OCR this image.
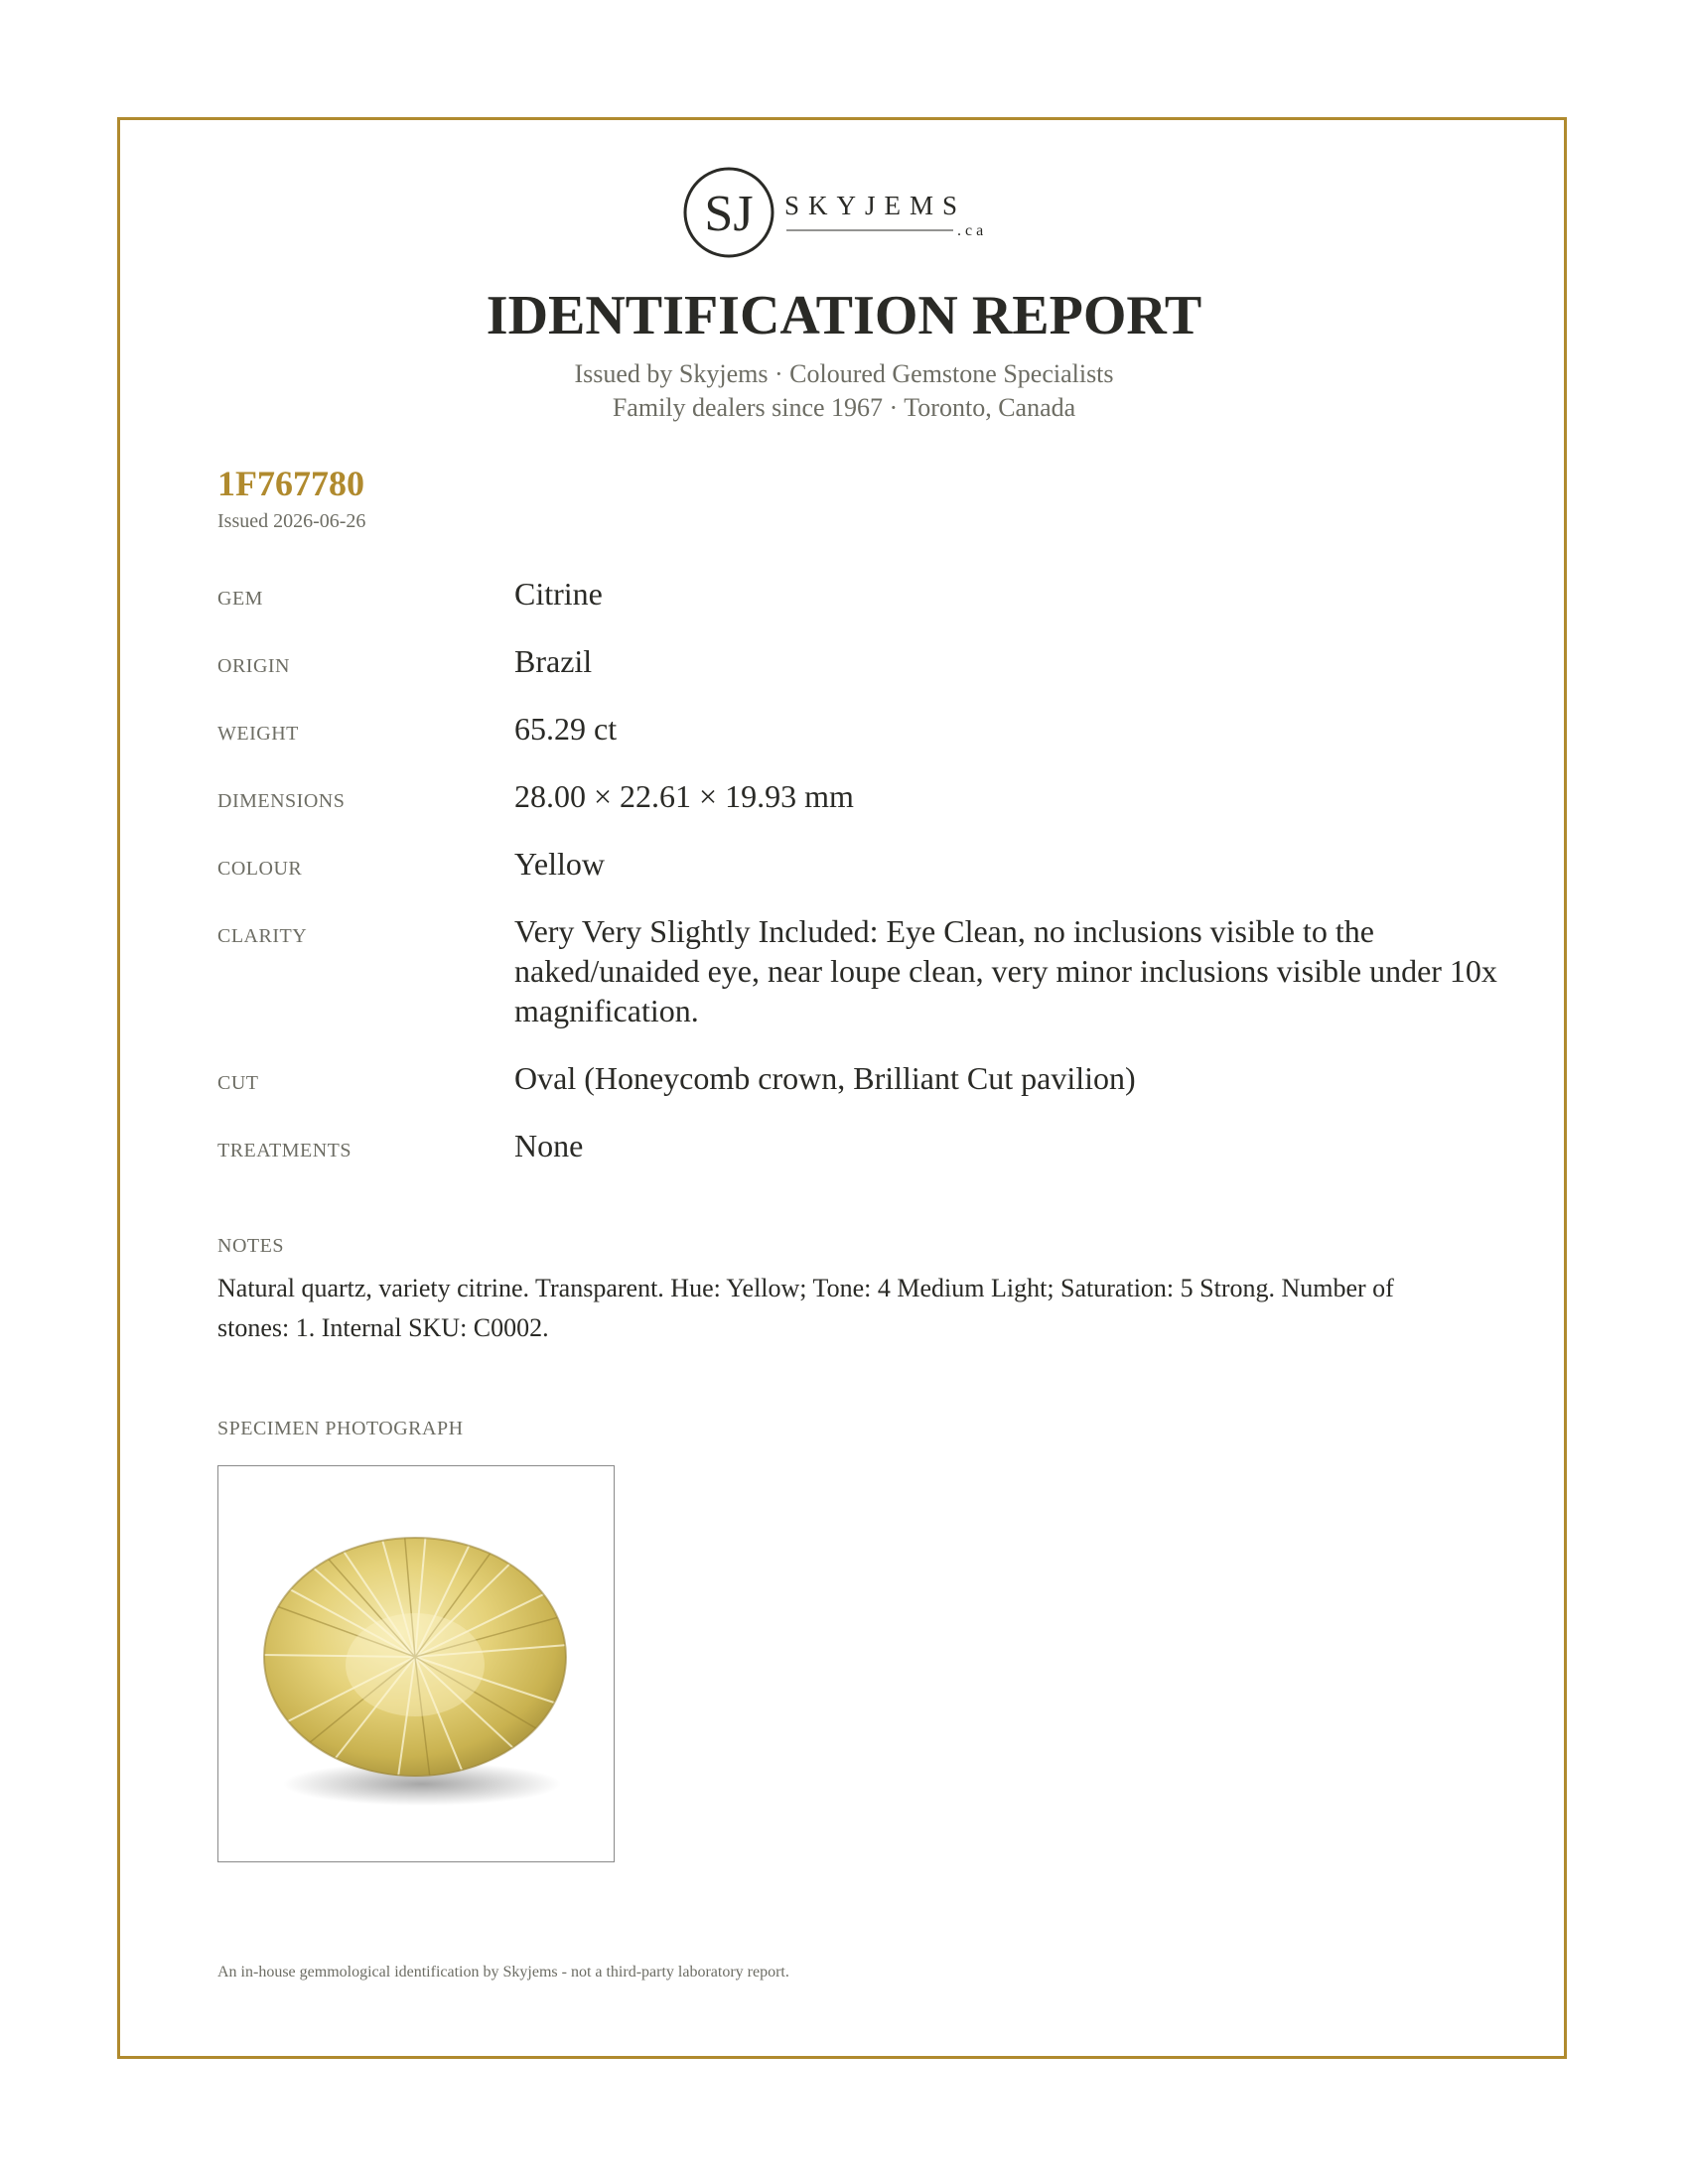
SJ SKYJEMS
.ca
IDENTIFICATION REPORT
Issued by Skyjems · Coloured Gemstone Specialists
Family dealers since 1967 · Toronto, Canada
1F767780
Issued 2026-06-26
GEM	Citrine
ORIGIN	Brazil
WEIGHT	65.29 ct
DIMENSIONS	28.00 × 22.61 × 19.93 mm
COLOUR	Yellow
CLARITY	Very Very Slightly Included: Eye Clean, no inclusions visible to the naked/unaided eye, near loupe clean, very minor inclusions visible under 10x magnification.
CUT	Oval (Honeycomb crown, Brilliant Cut pavilion)
TREATMENTS	None
NOTES
Natural quartz, variety citrine. Transparent. Hue: Yellow; Tone: 4 Medium Light; Saturation: 5 Strong. Number of stones: 1. Internal SKU: C0002.
SPECIMEN PHOTOGRAPH
An in-house gemmological identification by Skyjems - not a third-party laboratory report.
